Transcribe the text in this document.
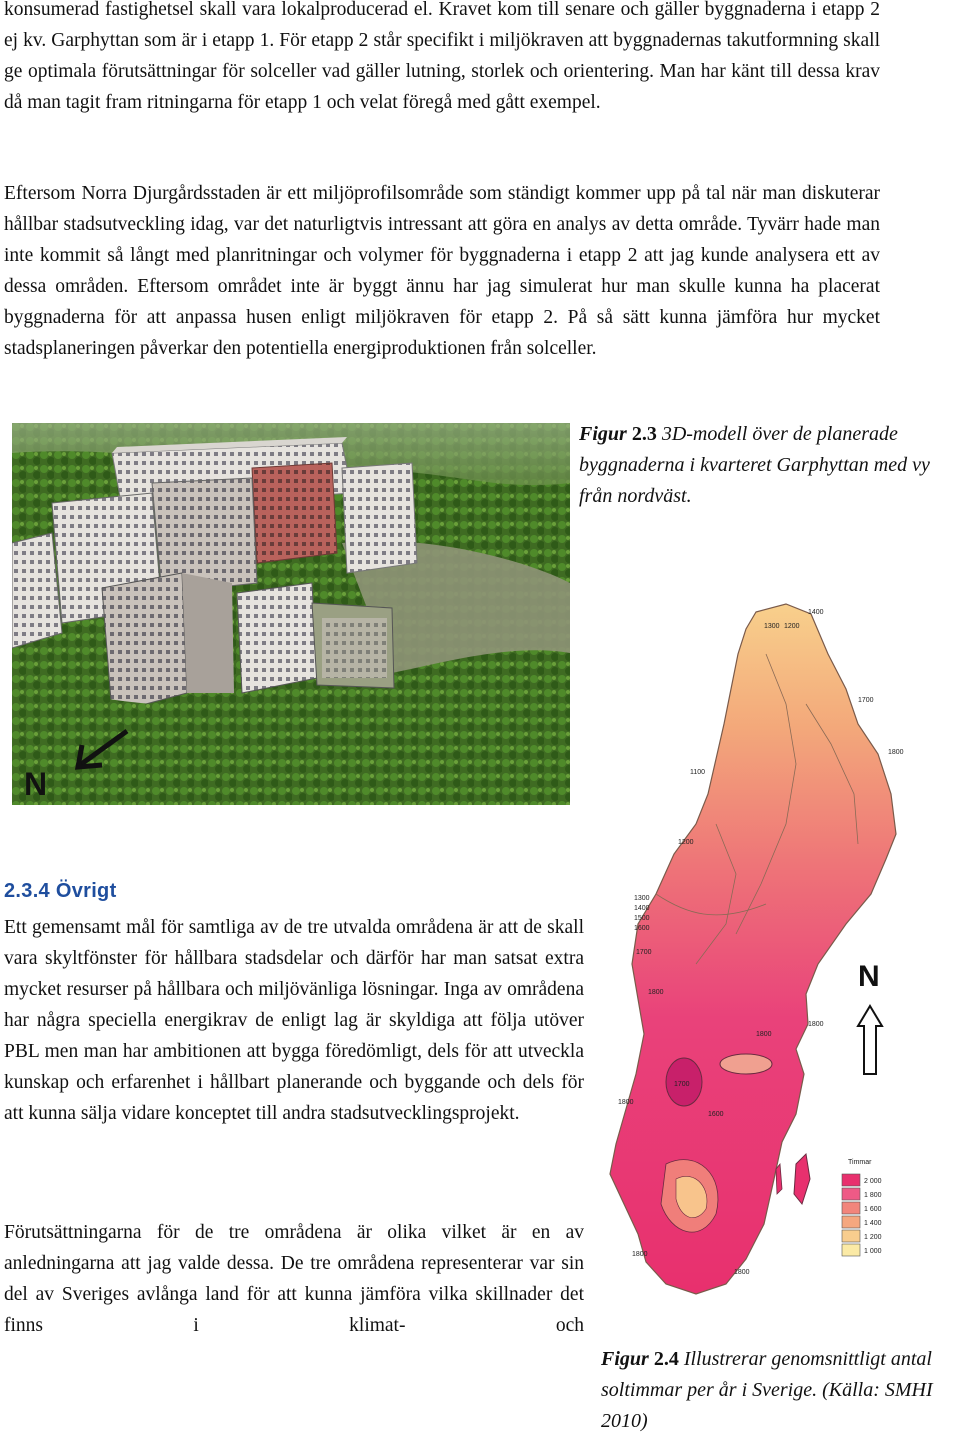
konsumerad fastighetsel skall vara lokalproducerad el. Kravet kom till senare och gäller byggnaderna i etapp 2 ej kv. Garphyttan som är i etapp 1. För etapp 2 står specifikt i miljökraven att byggnadernas takutformning skall ge optimala förutsättningar för solceller vad gäller lutning, storlek och orientering. Man har känt till dessa krav då man tagit fram ritningarna för etapp 1 och velat föregå med gått exempel.

Eftersom Norra Djurgårdsstaden är ett miljöprofilsområde som ständigt kommer upp på tal när man diskuterar hållbar stadsutveckling idag, var det naturligtvis intressant att göra en analys av detta område. Tyvärr hade man inte kommit så långt med planritningar och volymer för byggnaderna i etapp 2 att jag kunde analysera ett av dessa områden. Eftersom området inte är byggt ännu har jag simulerat hur man skulle kunna ha placerat byggnaderna för att anpassa husen enligt miljökraven för etapp 2. På så sätt kunna jämföra hur mycket stadsplaneringen påverkar den potentiella energiproduktionen från solceller.

N

Figur 2.3 3D-modell över de planerade byggnaderna i kvarteret Garphyttan med vy från nordväst.

1400
1300 1200
1700
1800
1100
1200
1300
1400
1500
1600
1700
1800
1700
1800
1800
1800
1600
1800
1800
N
Timmar
2 000
1 800
1 600
1 400
1 200
1 000
2.3.4 Övrigt

Ett gemensamt mål för samtliga av de tre utvalda områdena är att de skall vara skyltfönster för hållbara stadsdelar och därför har man satsat extra mycket resurser på hållbara och miljövänliga lösningar. Inga av områdena har några speciella energikrav de enligt lag är skyldiga att följa utöver PBL men man har ambitionen att bygga föredömligt, dels för att utveckla kunskap och erfarenhet i hållbart planerande och byggande och dels för att kunna sälja vidare konceptet till andra stadsutvecklingsprojekt.

Förutsättningarna för de tre områdena är olika vilket är en av anledningarna att jag valde dessa. De tre områdena representerar var sin del av Sveriges avlånga land för att kunna jämföra vilka skillnader det finns i klimat- och

Figur 2.4 Illustrerar genomsnittligt antal soltimmar per år i Sverige. (Källa: SMHI 2010)
